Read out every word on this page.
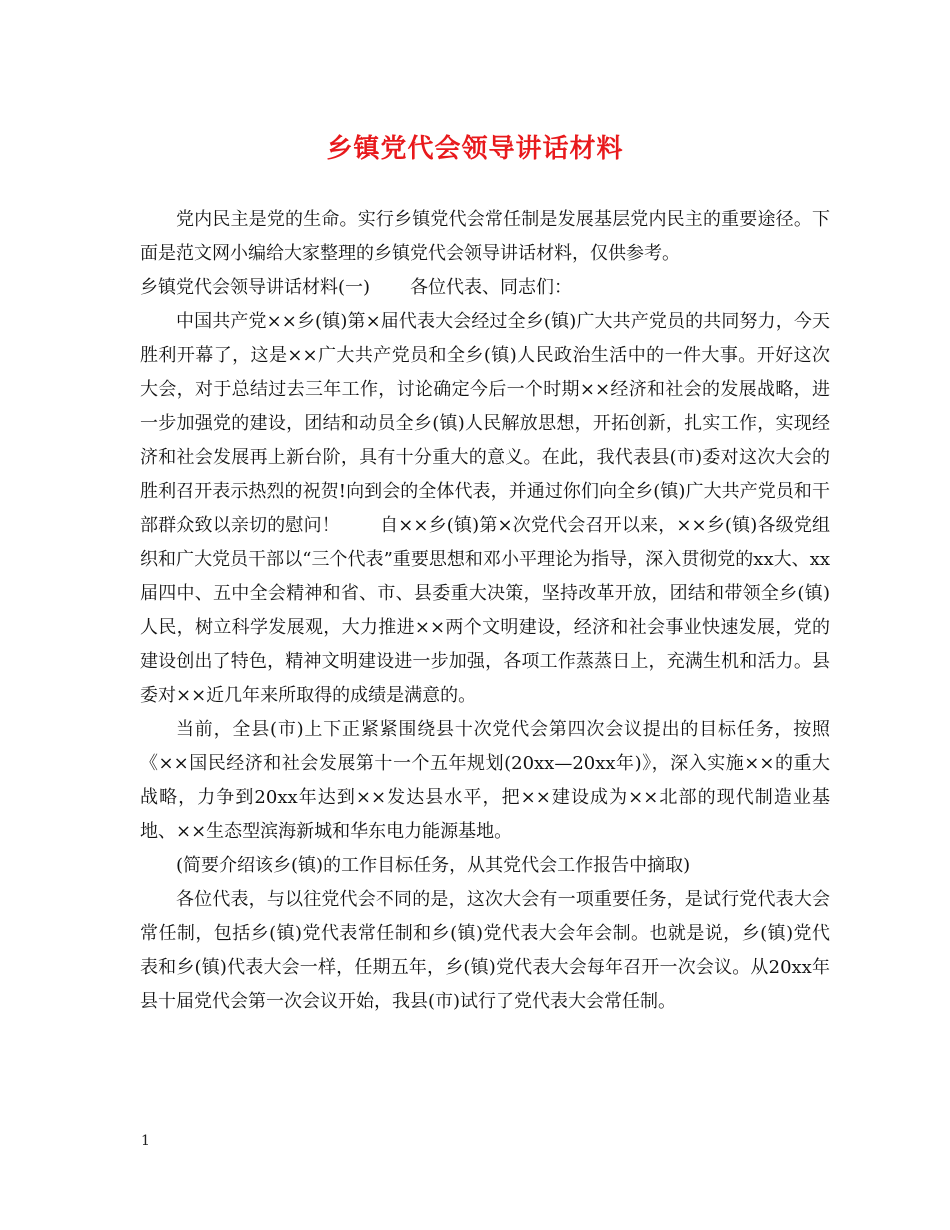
乡镇党代会领导讲话材料

党内民主是党的生命。实行乡镇党代会常任制是发展基层党内民主的重要途径。下面是范文网小编给大家整理的乡镇党代会领导讲话材料，仅供参考。

乡镇党代会领导讲话材料(一) 各位代表、同志们：

中国共产党××乡(镇)第×届代表大会经过全乡(镇)广大共产党员的共同努力，今天胜利开幕了，这是××广大共产党员和全乡(镇)人民政治生活中的一件大事。开好这次大会，对于总结过去三年工作，讨论确定今后一个时期××经济和社会的发展战略，进一步加强党的建设，团结和动员全乡(镇)人民解放思想，开拓创新，扎实工作，实现经济和社会发展再上新台阶，具有十分重大的意义。在此，我代表县(市)委对这次大会的胜利召开表示热烈的祝贺!向到会的全体代表，并通过你们向全乡(镇)广大共产党员和干部群众致以亲切的慰问！ 自××乡(镇)第×次党代会召开以来，××乡(镇)各级党组织和广大党员干部以“三个代表”重要思想和邓小平理论为指导，深入贯彻党的xx大、xx届四中、五中全会精神和省、市、县委重大决策，坚持改革开放，团结和带领全乡(镇)人民，树立科学发展观，大力推进××两个文明建设，经济和社会事业快速发展，党的建设创出了特色，精神文明建设进一步加强，各项工作蒸蒸日上，充满生机和活力。县委对××近几年来所取得的成绩是满意的。

当前，全县(市)上下正紧紧围绕县十次党代会第四次会议提出的目标任务，按照《××国民经济和社会发展第十一个五年规划(20xx—20xx年)》，深入实施××的重大战略，力争到20xx年达到××发达县水平，把××建设成为××北部的现代制造业基地、××生态型滨海新城和华东电力能源基地。

(简要介绍该乡(镇)的工作目标任务，从其党代会工作报告中摘取)

各位代表，与以往党代会不同的是，这次大会有一项重要任务，是试行党代表大会常任制，包括乡(镇)党代表常任制和乡(镇)党代表大会年会制。也就是说，乡(镇)党代表和乡(镇)代表大会一样，任期五年，乡(镇)党代表大会每年召开一次会议。从20xx年县十届党代会第一次会议开始，我县(市)试行了党代表大会常任制。

1
